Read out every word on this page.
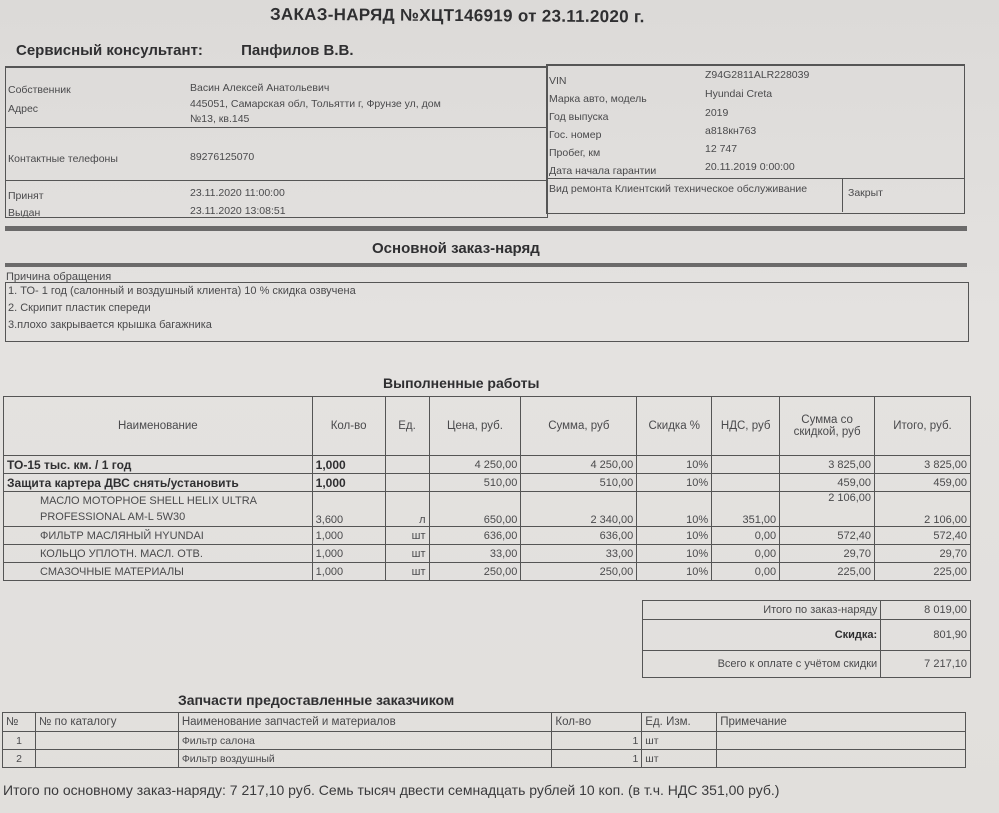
ЗАКАЗ-НАРЯД №ХЦТ146919 от 23.11.2020 г.
Сервисный консультант:	Панфилов В.В.
Собственник	Васин Алексей Анатольевич
Адрес	445051, Самарская обл, Тольятти г, Фрунзе ул, дом
№13, кв.145
Контактные телефоны	89276125070
Принят	23.11.2020 11:00:00
Выдан	23.11.2020 13:08:51
VIN	Z94G2811ALR228039
Марка авто, модель	Hyundai Creta
Год выпуска	2019
Гос. номер	а818кн763
Пробег, км	12 747
Дата начала гарантии	20.11.2019 0:00:00
Вид ремонта Клиентский техническое обслуживание	Закрыт
Основной заказ-наряд
Причина обращения
1. ТО- 1 год (салонный и воздушный клиента) 10 % скидка озвучена
2. Скрипит пластик спереди
3.плохо закрывается крышка багажника
Выполненные работы
Наименование	Кол-во	Ед.	Цена, руб.	Сумма, руб	Скидка %	НДС, руб	Сумма со скидкой, руб	Итого, руб.
ТО-15 тыс. км. / 1 год	1,000		4 250,00	4 250,00	10%		3 825,00	3 825,00
Защита картера ДВС снять/установить	1,000		510,00	510,00	10%		459,00	459,00
МАСЛО МОТОРНОЕ SHELL HELIX ULTRA PROFESSIONAL AM-L 5W30	3,600	л	650,00	2 340,00	10%	351,00	2 106,00	2 106,00
ФИЛЬТР МАСЛЯНЫЙ HYUNDAI	1,000	шт	636,00	636,00	10%	0,00	572,40	572,40
КОЛЬЦО УПЛОТН. МАСЛ. ОТВ.	1,000	шт	33,00	33,00	10%	0,00	29,70	29,70
СМАЗОЧНЫЕ МАТЕРИАЛЫ	1,000	шт	250,00	250,00	10%	0,00	225,00	225,00
Итого по заказ-наряду	8 019,00
Скидка:	801,90
Всего к оплате с учётом скидки	7 217,10
Запчасти предоставленные заказчиком
№	№ по каталогу	Наименование запчастей и материалов	Кол-во	Ед. Изм.	Примечание
1		Фильтр салона	1	шт	
2		Фильтр воздушный	1	шт	
Итого по основному заказ-наряду: 7 217,10 руб. Семь тысяч двести семнадцать рублей 10 коп. (в т.ч. НДС 351,00 руб.)
